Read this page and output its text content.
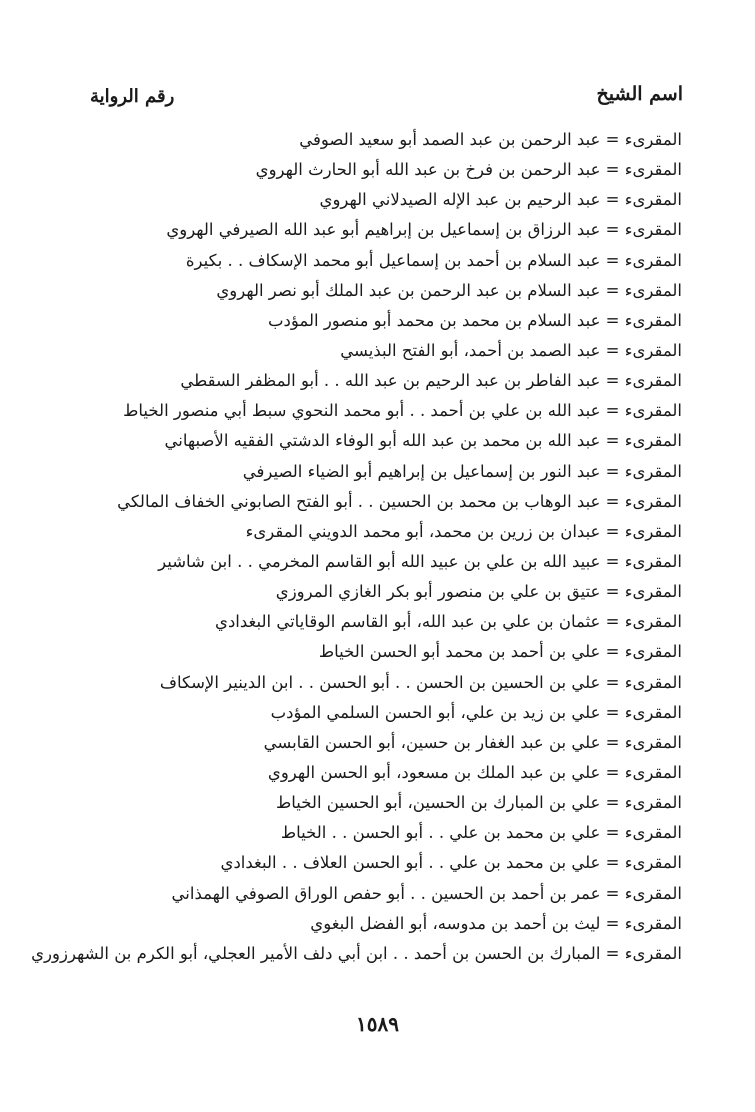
اسم الشيخ
رقم الرواية
المقرىء = عبد الرحمن بن عبد الصمد أبو سعيد الصوفي
المقرىء = عبد الرحمن بن فرخ بن عبد الله أبو الحارث الهروي
المقرىء = عبد الرحيم بن عبد الإله الصيدلاني الهروي
المقرىء = عبد الرزاق بن إسماعيل بن إبراهيم أبو عبد الله الصيرفي الهروي
المقرىء = عبد السلام بن أحمد بن إسماعيل أبو محمد الإسكاف . . بكيرة
المقرىء = عبد السلام بن عبد الرحمن بن عبد الملك أبو نصر الهروي
المقرىء = عبد السلام بن محمد بن محمد أبو منصور المؤدب
المقرىء = عبد الصمد بن أحمد، أبو الفتح البذيسي
المقرىء = عبد الفاطر بن عبد الرحيم بن عبد الله . . أبو المظفر السقطي
المقرىء = عبد الله بن علي بن أحمد . . أبو محمد النحوي سبط أبي منصور الخياط
المقرىء = عبد الله بن محمد بن عبد الله أبو الوفاء الدشتي الفقيه الأصبهاني
المقرىء = عبد النور بن إسماعيل بن إبراهيم أبو الضياء الصيرفي
المقرىء = عبد الوهاب بن محمد بن الحسين . . أبو الفتح الصابوني الخفاف المالكي
المقرىء = عبدان بن زرين بن محمد، أبو محمد الدويني المقرىء
المقرىء = عبيد الله بن علي بن عبيد الله أبو القاسم المخرمي . . ابن شاشير
المقرىء = عتيق بن علي بن منصور أبو بكر الغازي المروزي
المقرىء = عثمان بن علي بن عبد الله، أبو القاسم الوقاياتي البغدادي
المقرىء = علي بن أحمد بن محمد أبو الحسن الخياط
المقرىء = علي بن الحسين بن الحسن . . أبو الحسن . . ابن الدينير الإسكاف
المقرىء = علي بن زيد بن علي، أبو الحسن السلمي المؤدب
المقرىء = علي بن عبد الغفار بن حسين، أبو الحسن القابسي
المقرىء = علي بن عبد الملك بن مسعود، أبو الحسن الهروي
المقرىء = علي بن المبارك بن الحسين، أبو الحسين الخياط
المقرىء = علي بن محمد بن علي . . أبو الحسن . . الخياط
المقرىء = علي بن محمد بن علي . . أبو الحسن العلاف . . البغدادي
المقرىء = عمر بن أحمد بن الحسين . . أبو حفص الوراق الصوفي الهمذاني
المقرىء = ليث بن أحمد بن مدوسه، أبو الفضل البغوي
المقرىء = المبارك بن الحسن بن أحمد . . ابن أبي دلف الأمير العجلي، أبو الكرم بن الشهرزوري
١٥٨٩
